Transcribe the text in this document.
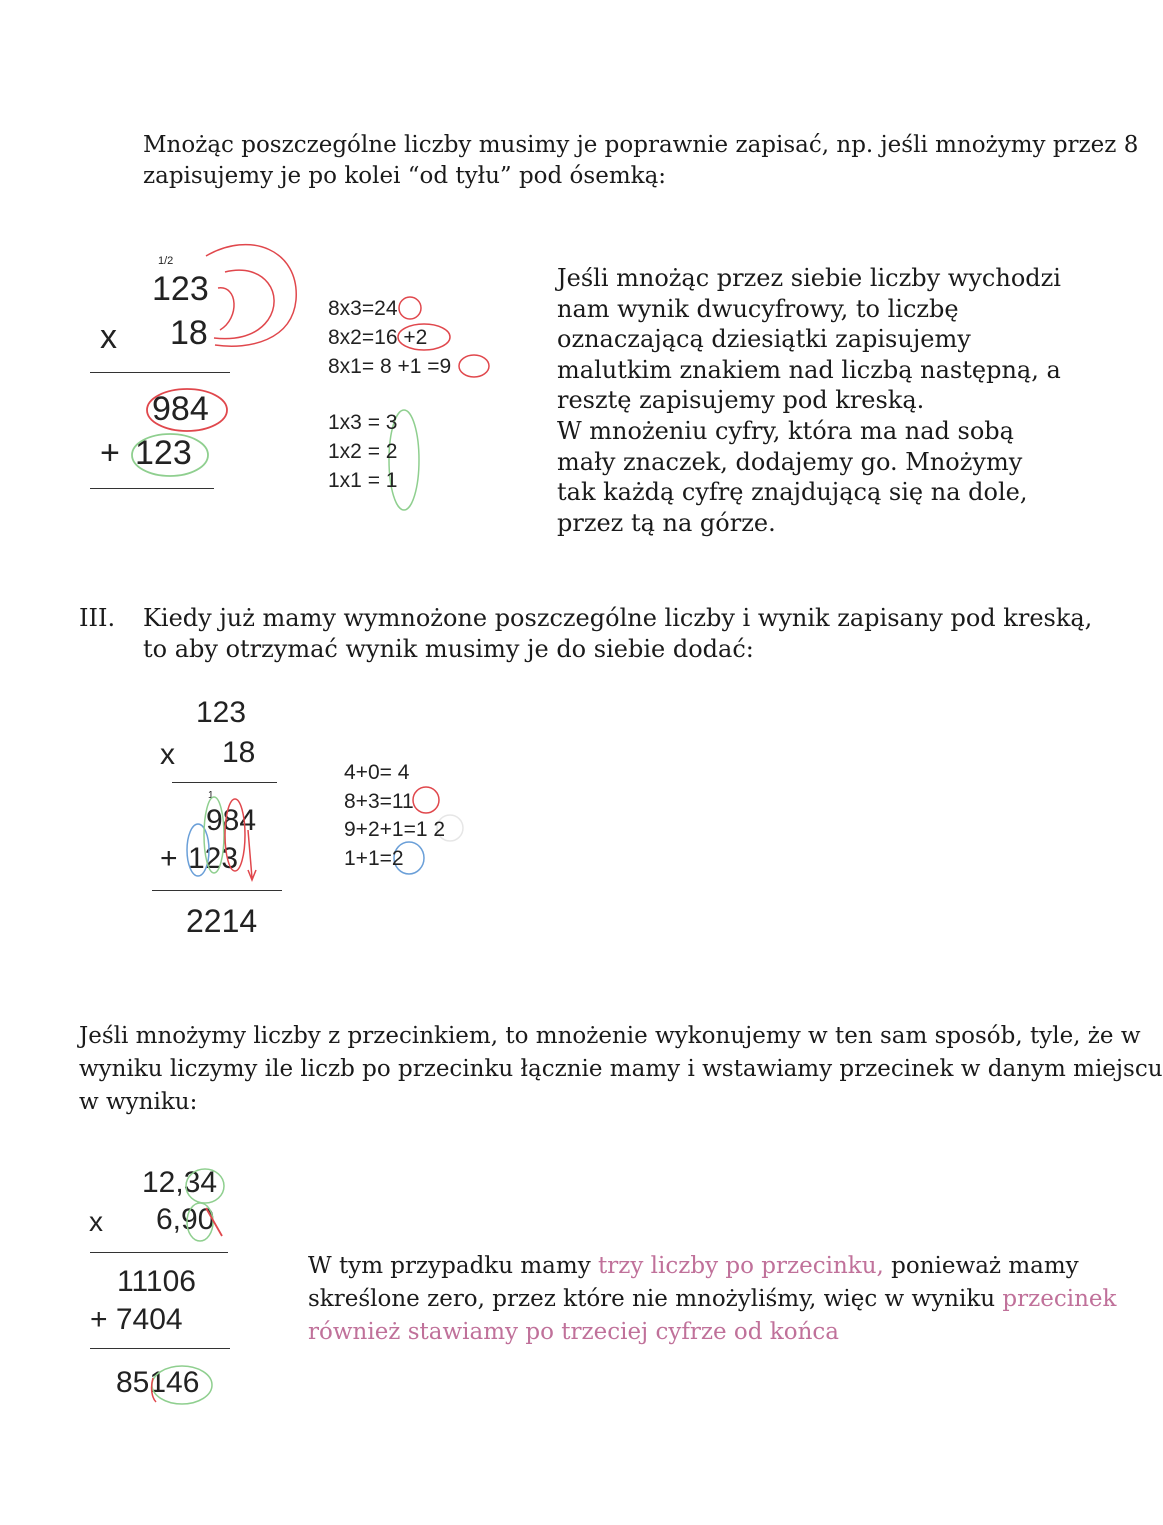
Mnożąc poszczególne liczby musimy je poprawnie zapisać, np. jeśli mnożymy przez 8
zapisujemy je po kolei “od tyłu” pod ósemką:
1/2
123
x 18
984
+ 123
8x3=24
8x2=16 +2
8x1= 8 +1 =9
1x3 = 3
1x2 = 2
1x1 = 1
Jeśli mnożąc przez siebie liczby wychodzi
nam wynik dwucyfrowy, to liczbę
oznaczającą dziesiątki zapisujemy
malutkim znakiem nad liczbą następną, a
resztę zapisujemy pod kreską.
W mnożeniu cyfry, która ma nad sobą
mały znaczek, dodajemy go. Mnożymy
tak każdą cyfrę znajdującą się na dole,
przez tą na górze.
III. Kiedy już mamy wymnożone poszczególne liczby i wynik zapisany pod kreską,
to aby otrzymać wynik musimy je do siebie dodać:
123
x 18
1
984
+ 123
2214
4+0= 4
8+3=11
9+2+1=1 2
1+1=2
Jeśli mnożymy liczby z przecinkiem, to mnożenie wykonujemy w ten sam sposób, tyle, że w
wyniku liczymy ile liczb po przecinku łącznie mamy i wstawiamy przecinek w danym miejscu
w wyniku:
12,34
x 6,90
11106
+ 7404
85146
W tym przypadku mamy trzy liczby po przecinku, ponieważ mamy
skreślone zero, przez które nie mnożyliśmy, więc w wyniku przecinek
również stawiamy po trzeciej cyfrze od końca
